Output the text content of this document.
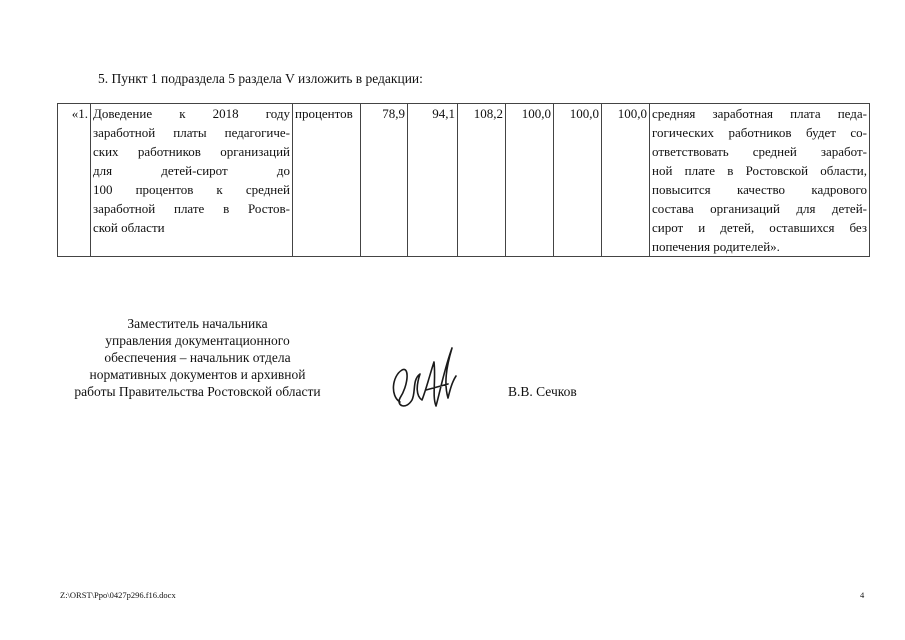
5. Пункт 1 подраздела 5 раздела V изложить в редакции:
«1.	Доведение к 2018 году
заработной платы педагогиче-
ских работников организаций
для детей-сирот до
100 процентов к средней
заработной плате в Ростов-
ской области
	процентов	78,9	94,1	108,2	100,0	100,0	100,0	средняя заработная плата педа-
гогических работников будет со-
ответствовать средней заработ-
ной плате в Ростовской области,
повысится качество кадрового
состава организаций для детей-
сирот и детей, оставшихся без
попечения родителей».
Заместитель начальника
управления документационного
обеспечения – начальник отдела
нормативных документов и архивной
работы Правительства Ростовской области	В.В. Сечков
Z:\ORST\Ppo\0427p296.f16.docx	4
